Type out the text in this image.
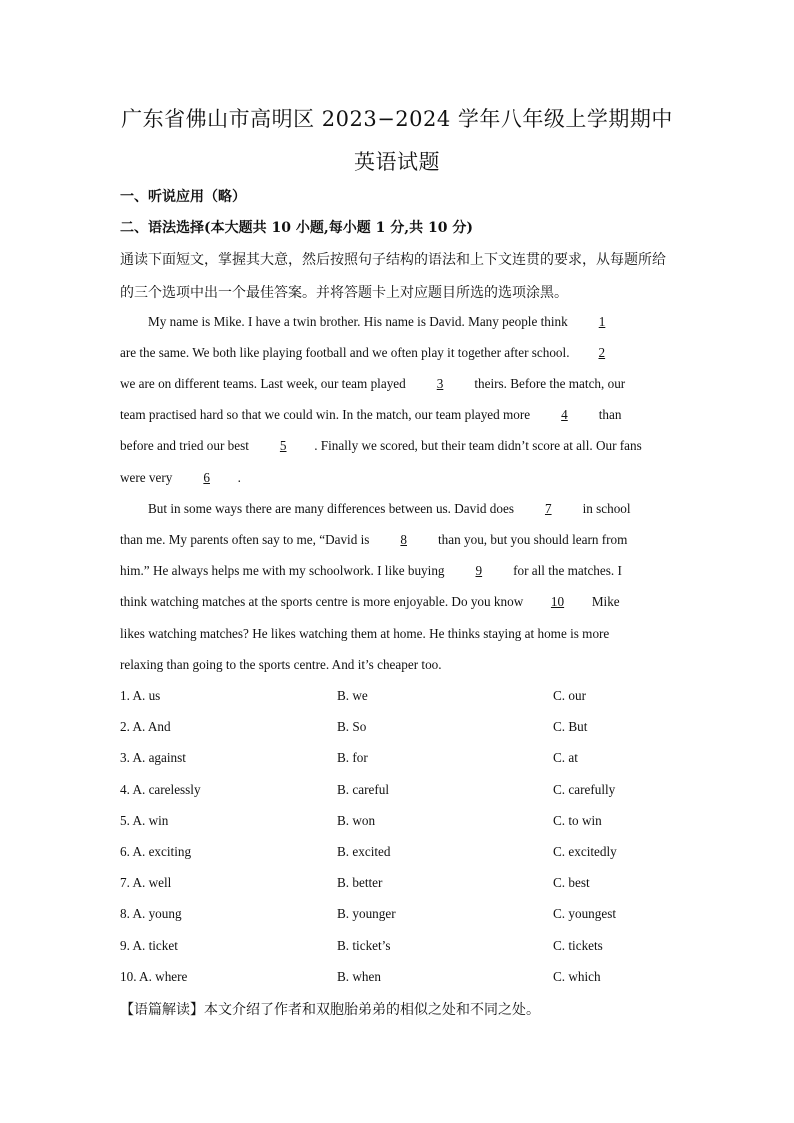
广东省佛山市高明区 2023−2024 学年八年级上学期期中
英语试题
一、听说应用（略）
二、语法选择(本大题共 10 小题,每小题 1 分,共 10 分)
通读下面短文，掌握其大意，然后按照句子结构的语法和上下文连贯的要求，从每题所给
的三个选项中出一个最佳答案。并将答题卡上对应题目所选的选项涂黑。
My name is Mike. I have a twin brother. His name is David. Many people think 1
are the same. We both like playing football and we often play it together after school. 2
we are on different teams. Last week, our team played 3 theirs. Before the match, our
team practised hard so that we could win. In the match, our team played more 4 than
before and tried our best 5 . Finally we scored, but their team didn’t score at all. Our fans
were very 6 .
But in some ways there are many differences between us. David does 7 in school
than me. My parents often say to me, “David is 8 than you, but you should learn from
him.” He always helps me with my schoolwork. I like buying 9 for all the matches. I
think watching matches at the sports centre is more enjoyable. Do you know 10 Mike
likes watching matches? He likes watching them at home. He thinks staying at home is more
relaxing than going to the sports centre. And it’s cheaper too.
1. A. us	B. we	C. our
2. A. And	B. So	C. But
3. A. against	B. for	C. at
4. A. carelessly	B. careful	C. carefully
5. A. win	B. won	C. to win
6. A. exciting	B. excited	C. excitedly
7. A. well	B. better	C. best
8. A. young	B. younger	C. youngest
9. A. ticket	B. ticket’s	C. tickets
10. A. where	B. when	C. which
【语篇解读】本文介绍了作者和双胞胎弟弟的相似之处和不同之处。
